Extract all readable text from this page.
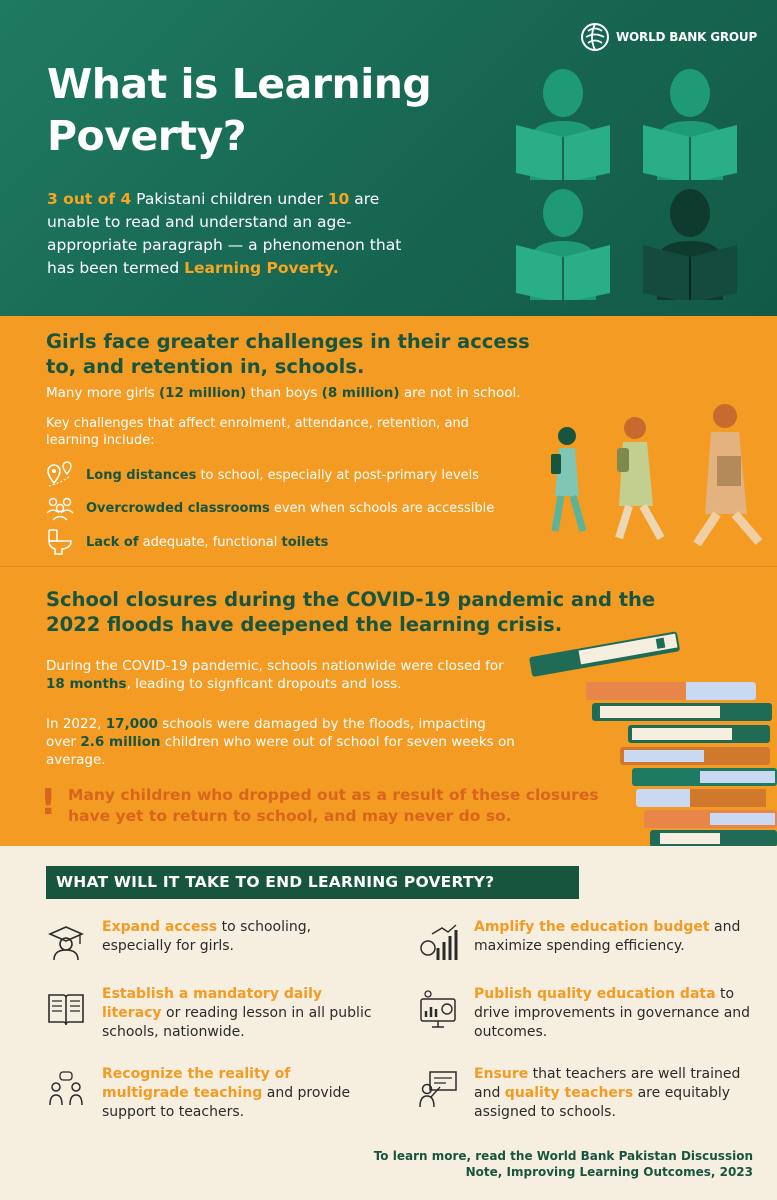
WORLD BANK GROUP
What is Learning Poverty?

3 out of 4 Pakistani children under 10 are unable to read and understand an age-appropriate paragraph — a phenomenon that has been termed Learning Poverty.

Girls face greater challenges in their access to, and retention in, schools.

Many more girls (12 million) than boys (8 million) are not in school.

Key challenges that affect enrolment, attendance, retention, and learning include:

Long distances to school, especially at post-primary levels
Overcrowded classrooms even when schools are accessible
Lack of adequate, functional toilets
School closures during the COVID-19 pandemic and the 2022 floods have deepened the learning crisis.

During the COVID-19 pandemic, schools nationwide were closed for 18 months, leading to signficant dropouts and loss.

In 2022, 17,000 schools were damaged by the floods, impacting over 2.6 million children who were out of school for seven weeks on average.

! Many children who dropped out as a result of these closures have yet to return to school, and may never do so.
WHAT WILL IT TAKE TO END LEARNING POVERTY?
Expand access to schooling, especially for girls.
Establish a mandatory daily literacy or reading lesson in all public schools, nationwide.
Recognize the reality of multigrade teaching and provide support to teachers.
Amplify the education budget and maximize spending efficiency.
Publish quality education data to drive improvements in governance and outcomes.
Ensure that teachers are well trained and quality teachers are equitably assigned to schools.
To learn more, read the World Bank Pakistan Discussion Note, Improving Learning Outcomes, 2023
